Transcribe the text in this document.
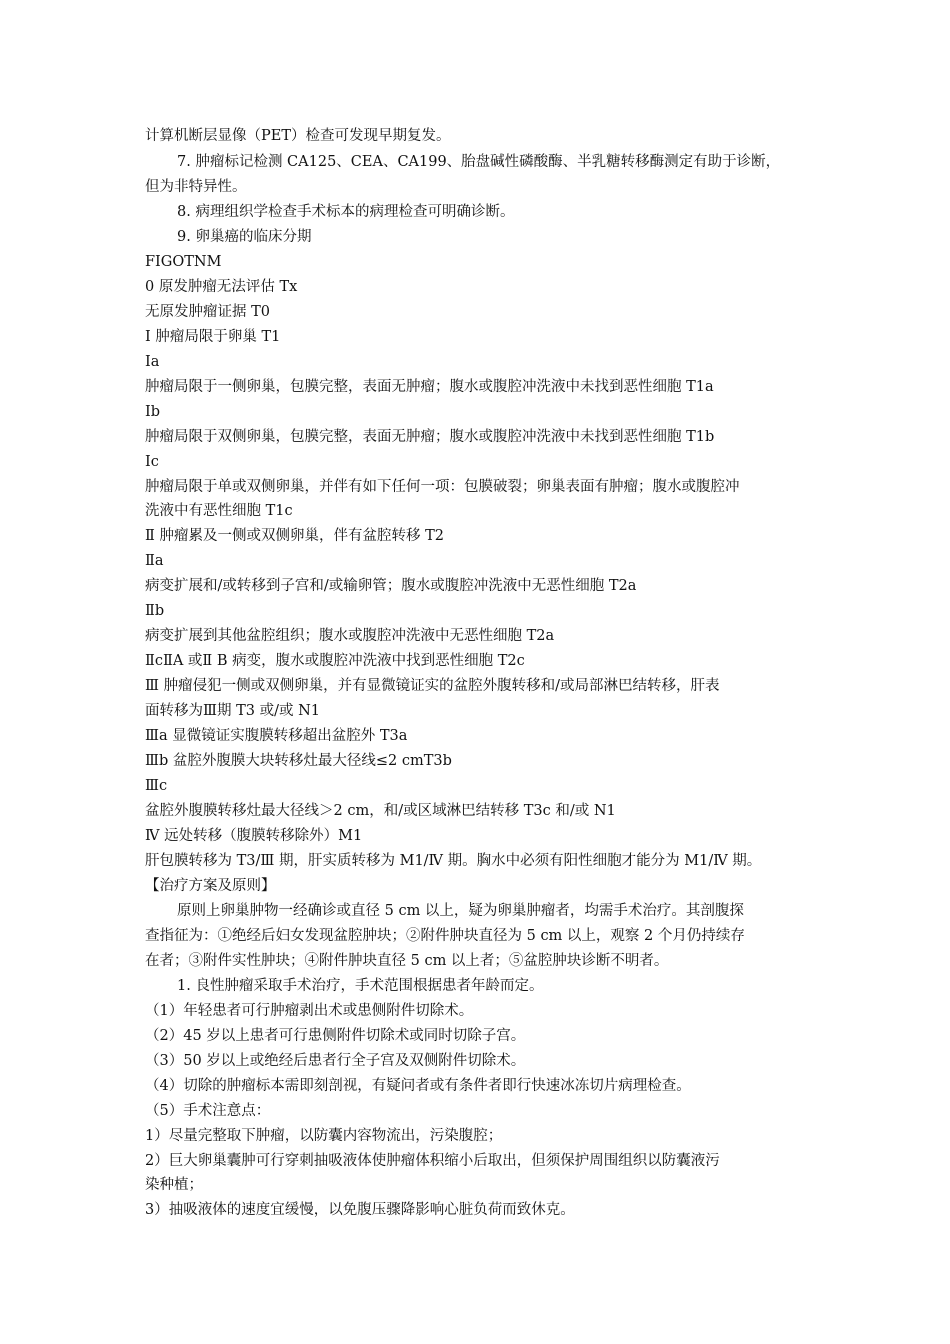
计算机断层显像（PET）检查可发现早期复发。
7. 肿瘤标记检测 CA125、CEA、CA199、胎盘碱性磷酸酶、半乳糖转移酶测定有助于诊断，
但为非特异性。
8. 病理组织学检查手术标本的病理检查可明确诊断。
9. 卵巢癌的临床分期
FIGOTNM
0 原发肿瘤无法评估 Tx
无原发肿瘤证据 T0
Ⅰ 肿瘤局限于卵巢 T1
Ⅰa
肿瘤局限于一侧卵巢，包膜完整，表面无肿瘤；腹水或腹腔冲洗液中未找到恶性细胞 T1a
Ⅰb
肿瘤局限于双侧卵巢，包膜完整，表面无肿瘤；腹水或腹腔冲洗液中未找到恶性细胞 T1b
Ⅰc
肿瘤局限于单或双侧卵巢，并伴有如下任何一项：包膜破裂；卵巢表面有肿瘤；腹水或腹腔冲
洗液中有恶性细胞 T1c
Ⅱ 肿瘤累及一侧或双侧卵巢，伴有盆腔转移 T2
Ⅱa
病变扩展和/或转移到子宫和/或输卵管；腹水或腹腔冲洗液中无恶性细胞 T2a
Ⅱb
病变扩展到其他盆腔组织；腹水或腹腔冲洗液中无恶性细胞 T2a
ⅡcⅡA 或Ⅱ B 病变，腹水或腹腔冲洗液中找到恶性细胞 T2c
Ⅲ 肿瘤侵犯一侧或双侧卵巢，并有显微镜证实的盆腔外腹转移和/或局部淋巴结转移，肝表
面转移为Ⅲ期 T3 或/或 N1
Ⅲa 显微镜证实腹膜转移超出盆腔外 T3a
Ⅲb 盆腔外腹膜大块转移灶最大径线≤2 cmT3b
Ⅲc
盆腔外腹膜转移灶最大径线＞2 cm，和/或区域淋巴结转移 T3c 和/或 N1
Ⅳ 远处转移（腹膜转移除外）M1
肝包膜转移为 T3/Ⅲ 期，肝实质转移为 M1/Ⅳ 期。胸水中必须有阳性细胞才能分为 M1/Ⅳ 期。
【治疗方案及原则】
原则上卵巢肿物一经确诊或直径 5 cm 以上，疑为卵巢肿瘤者，均需手术治疗。其剖腹探
查指征为：①绝经后妇女发现盆腔肿块；②附件肿块直径为 5 cm 以上，观察 2 个月仍持续存
在者；③附件实性肿块；④附件肿块直径 5 cm 以上者；⑤盆腔肿块诊断不明者。
1. 良性肿瘤采取手术治疗，手术范围根据患者年龄而定。
（1）年轻患者可行肿瘤剥出术或患侧附件切除术。
（2）45 岁以上患者可行患侧附件切除术或同时切除子宫。
（3）50 岁以上或绝经后患者行全子宫及双侧附件切除术。
（4）切除的肿瘤标本需即刻剖视，有疑问者或有条件者即行快速冰冻切片病理检查。
（5）手术注意点：
1）尽量完整取下肿瘤，以防囊内容物流出，污染腹腔；
2）巨大卵巢囊肿可行穿刺抽吸液体使肿瘤体积缩小后取出，但须保护周围组织以防囊液污
染种植；
3）抽吸液体的速度宜缓慢，以免腹压骤降影响心脏负荷而致休克。
